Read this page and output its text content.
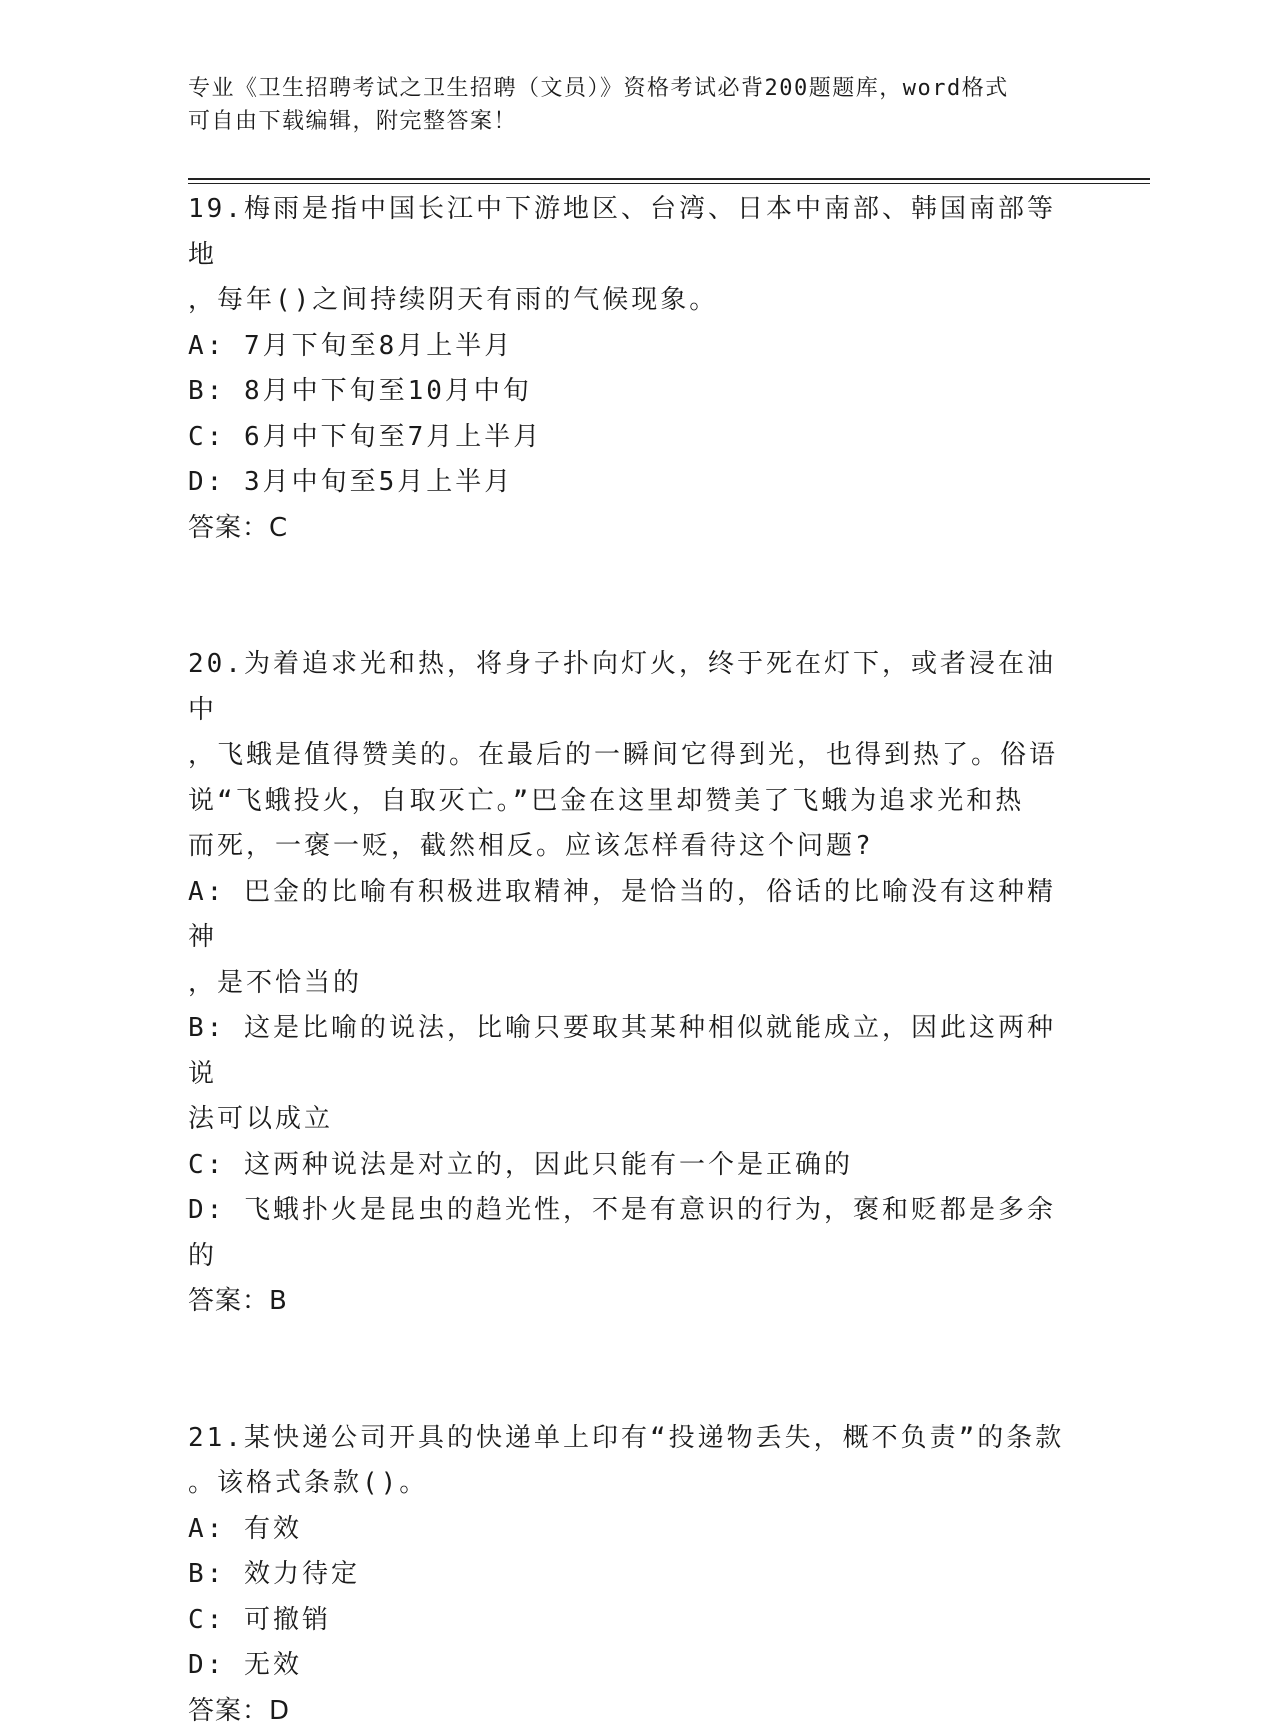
专业《卫生招聘考试之卫生招聘（文员）》资格考试必背200题题库，word格式
可自由下载编辑，附完整答案！

19.梅雨是指中国长江中下游地区、台湾、日本中南部、韩国南部等地

，每年()之间持续阴天有雨的气候现象。

A: 7月下旬至8月上半月

B: 8月中下旬至10月中旬

C: 6月中下旬至7月上半月

D: 3月中旬至5月上半月

答案：C

20.为着追求光和热，将身子扑向灯火，终于死在灯下，或者浸在油中

，飞蛾是值得赞美的。在最后的一瞬间它得到光，也得到热了。俗语

说“飞蛾投火，自取灭亡。”巴金在这里却赞美了飞蛾为追求光和热

而死，一褒一贬，截然相反。应该怎样看待这个问题?

A: 巴金的比喻有积极进取精神，是恰当的，俗话的比喻没有这种精神

，是不恰当的

B: 这是比喻的说法，比喻只要取其某种相似就能成立，因此这两种说

法可以成立

C: 这两种说法是对立的，因此只能有一个是正确的

D: 飞蛾扑火是昆虫的趋光性，不是有意识的行为，褒和贬都是多余的

答案：B

21.某快递公司开具的快递单上印有“投递物丢失，概不负责”的条款

。该格式条款()。

A: 有效

B: 效力待定

C: 可撤销

D: 无效

答案：D
